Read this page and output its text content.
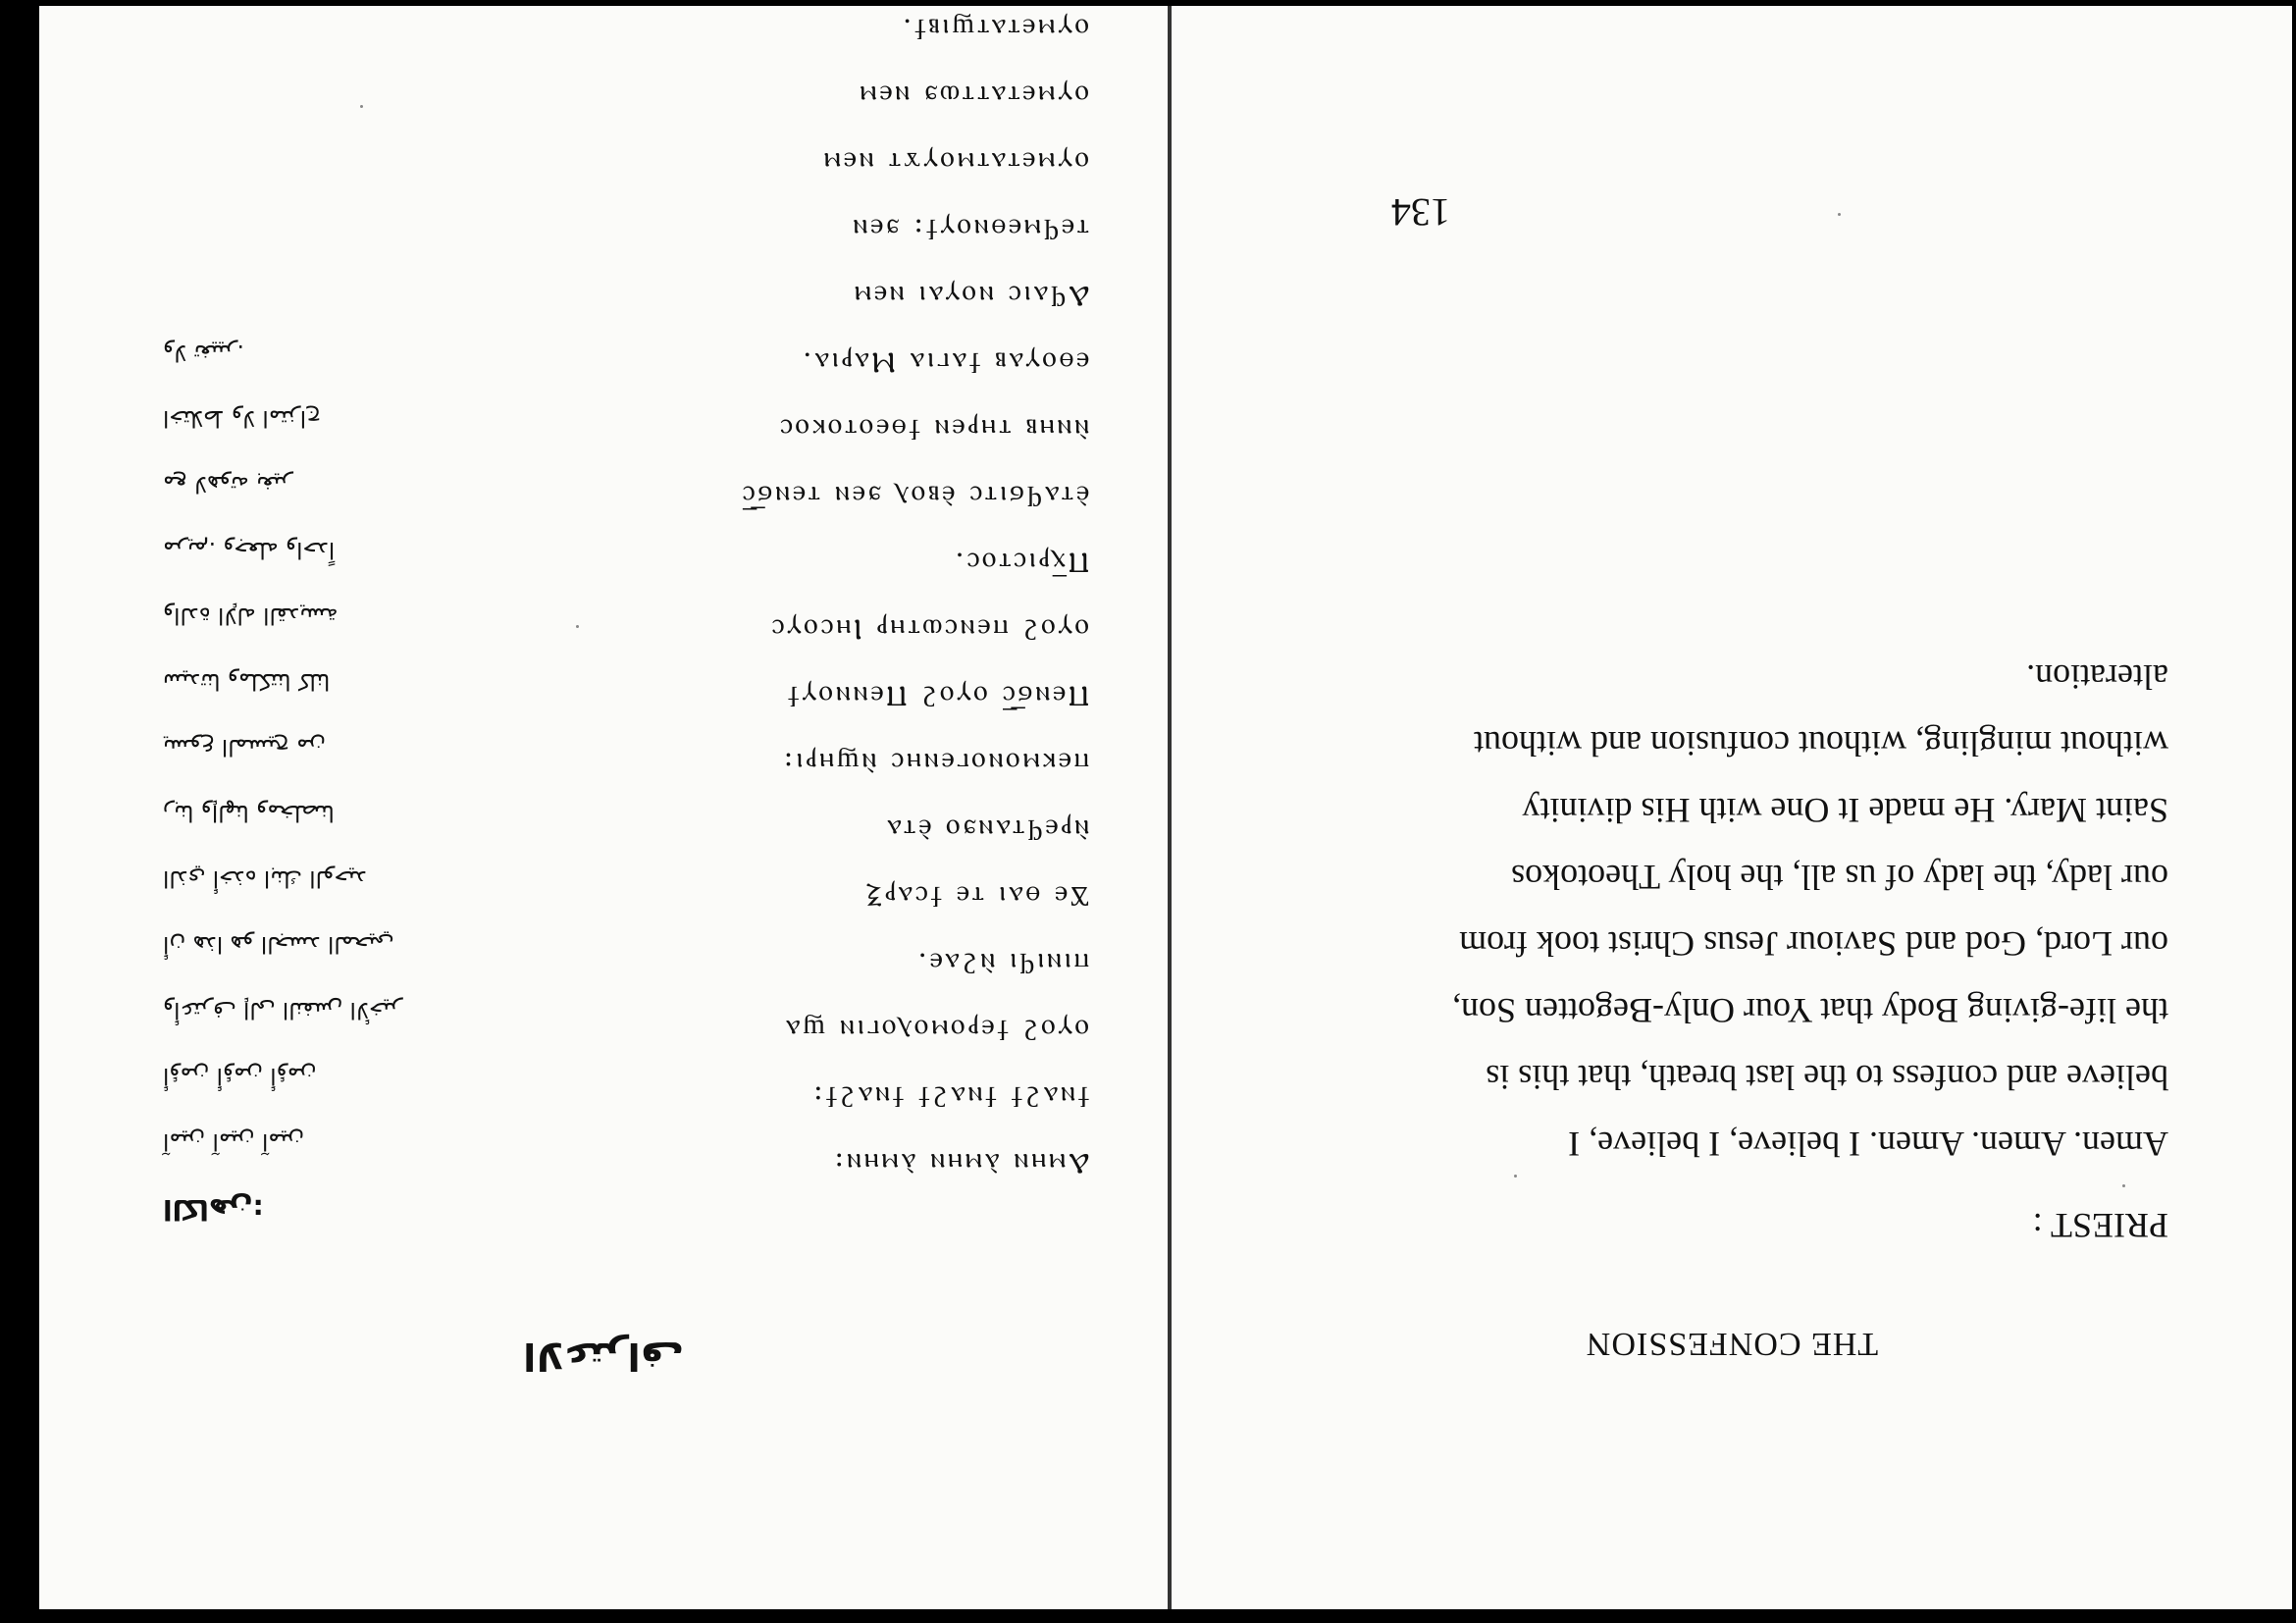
THE CONFESSION
PRIEST :
Amen. Amen. Amen. I believe, I believe, I
believe and confess to the last breath, that this is
the life-giving Body that Your Only-Begotten Son,
our Lord, God and Saviour Jesus Christ took from
our lady, the lady of us all, the holy Theotokos
Saint Mary. He made It One with His divinity
without mingling, without confusion and without
alteration.
134
الاعتراف
Ⲁⲙⲏⲛ ⲁ̀ⲙⲏⲛ ⲁ̀ⲙⲏⲛ:
ϯⲛⲁϩϯ ϯⲛⲁϩϯ ϯⲛⲁϩϯ:
ⲟⲩⲟϩ ϯⲉⲣⲟⲙⲟⲗⲟⲅⲓⲛ ϣⲁ
ⲡⲓⲛⲓϥⲓ ⲛ̀ϩⲁⲉ.
Ϫⲉ ⲑⲁⲓ ⲧⲉ ϯⲥⲁⲣⲜ
ⲛ̀ⲣⲉϥⲧⲁⲛϧⲟ ⲉ̀ⲧⲁ
ⲡⲉⲕⲙⲟⲛⲟⲅⲉⲛⲏⲥ ⲛ̀ϣⲏⲣⲓ:
Ⲡⲉⲛϭ̅ⲥ̅ ⲟⲩⲟϩ Ⲡⲉⲛⲛⲟⲩϯ
ⲟⲩⲟϩ ⲡⲉⲛⲥⲱⲧⲏⲣ Ⲓⲏⲥⲟⲩⲥ
Ⲡⲭ̅ⲣⲓⲥⲧⲟⲥ.
ⲉ̀ⲧⲁϥϭⲓⲧⲥ ⲉ̀ⲃⲟⲗ ϧⲉⲛ ⲧⲉⲛϭ̅ⲥ̅
ⲛ̀ⲛⲏⲃ ⲧⲏⲣⲉⲛ ϯⲑⲉⲟⲧⲟⲕⲟⲥ
ⲉⲑⲟⲩⲁⲃ ϯⲁⲅⲓⲁ Ⲙⲁⲣⲓⲁ.
Ⲁϥⲁⲓⲥ ⲛⲟⲩⲁⲓ ⲛⲉⲙ
ⲧⲉϥⲙⲉⲑⲛⲟⲩϯ: ϧⲉⲛ
ⲟⲩⲙⲉⲧⲁⲧⲙⲟⲩϫⲧ ⲛⲉⲙ
ⲟⲩⲙⲉⲧⲁⲧⲧⲱϧ ⲛⲉⲙ
ⲟⲩⲙⲉⲧⲁⲧϣⲓⲃϯ.
الكاهن:
آمين آمين آمين
أؤمن أؤمن أؤمن
وأعترف إلى النفس الأخير
أن هذا هو الجسد المحيي
الذي أخذه ابنك الوحيد
ربنا وإلهنا ومخلصنا
يسوع المسيح من
سيدتنا وملكتنا كلنا
والدة الإله القديسة
مريم. وجعله واحداً
مع لاهوته بغير
اختلاط ولا امتزاج
ولا تغيير.
